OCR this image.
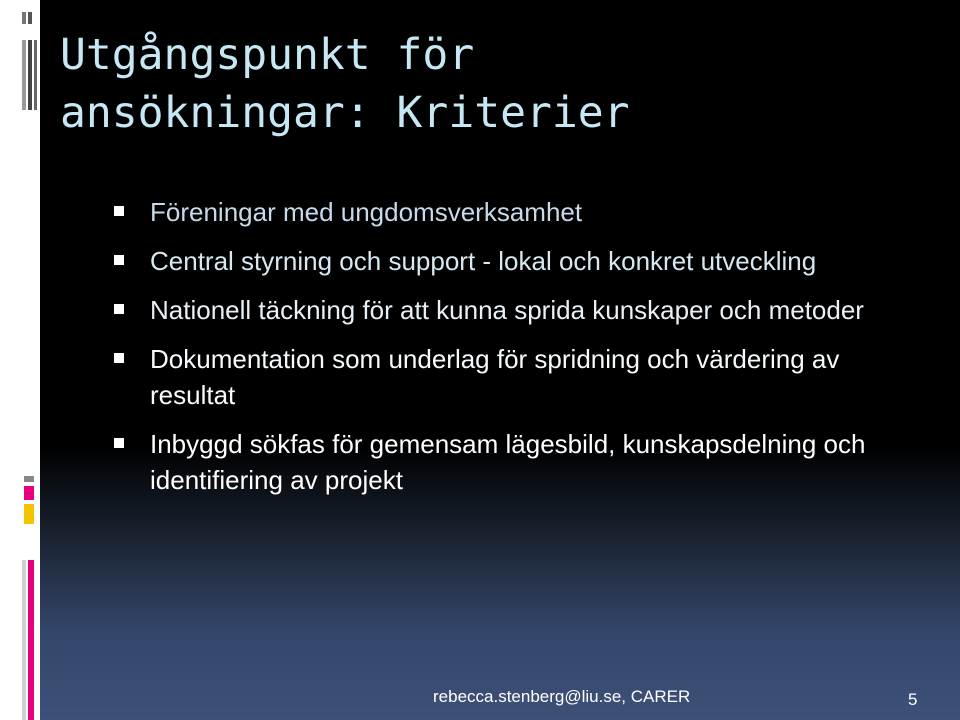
Utgångspunkt för
ansökningar: Kriterier
Föreningar med ungdomsverksamhet
Central styrning och support - lokal och konkret utveckling
Nationell täckning för att kunna sprida kunskaper och metoder
Dokumentation som underlag för spridning och värdering av resultat
Inbyggd sökfas för gemensam lägesbild, kunskapsdelning och identifiering av projekt
rebecca.stenberg@liu.se, CARER	5
